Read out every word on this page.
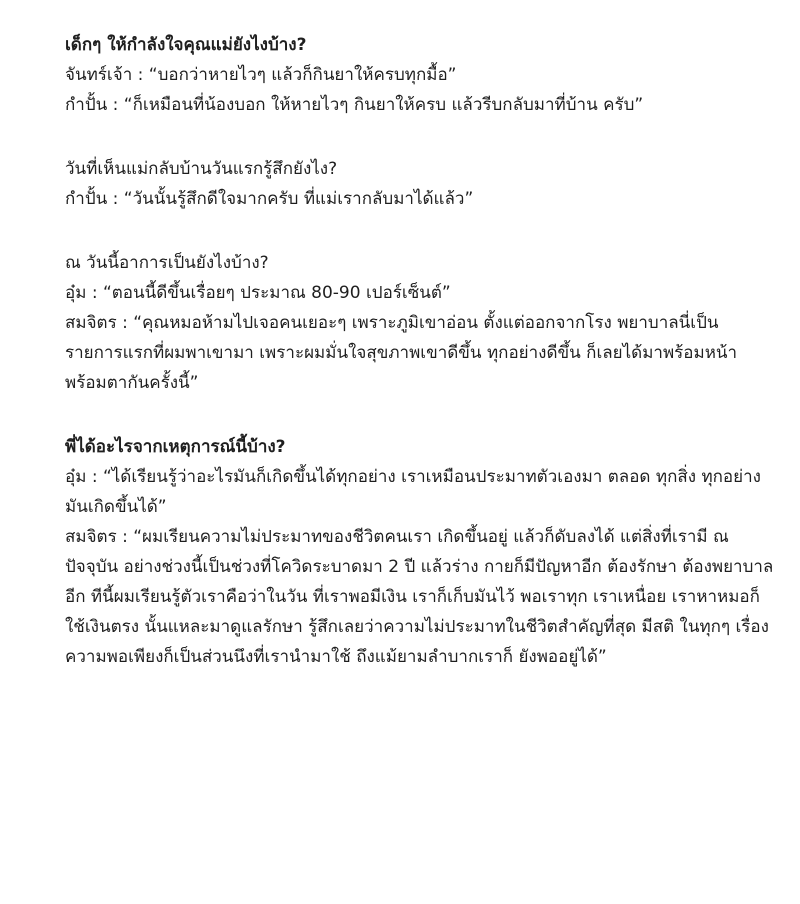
เด็กๆ ให้กำลังใจคุณแม่ยังไงบ้าง?

จันทร์เจ้า : “บอกว่าหายไวๆ แล้วก็กินยาให้ครบทุกมื้อ”

กำปั้น : “ก็เหมือนที่น้องบอก ให้หายไวๆ กินยาให้ครบ แล้วรีบกลับมาที่บ้าน ครับ”

วันที่เห็นแม่กลับบ้านวันแรกรู้สึกยังไง?

กำปั้น : “วันนั้นรู้สึกดีใจมากครับ ที่แม่เรากลับมาได้แล้ว”

ณ วันนี้อาการเป็นยังไงบ้าง?

อุ๋ม : “ตอนนี้ดีขึ้นเรื่อยๆ ประมาณ 80-90 เปอร์เซ็นต์”

สมจิตร : “คุณหมอห้ามไปเจอคนเยอะๆ เพราะภูมิเขาอ่อน ตั้งแต่ออกจากโรง พยาบาลนี่เป็นรายการแรกที่ผมพาเขามา เพราะผมมั่นใจสุขภาพเขาดีขึ้น ทุกอย่างดีขึ้น ก็เลยได้มาพร้อมหน้า พร้อมตากันครั้งนี้”

พี่ได้อะไรจากเหตุการณ์นี้บ้าง?

อุ๋ม : “ได้เรียนรู้ว่าอะไรมันก็เกิดขึ้นได้ทุกอย่าง เราเหมือนประมาทตัวเองมา ตลอด ทุกสิ่ง ทุกอย่างมันเกิดขึ้นได้”

สมจิตร : “ผมเรียนความไม่ประมาทของชีวิตคนเรา เกิดขึ้นอยู่ แล้วก็ดับลงได้ แต่สิ่งที่เรามี ณ ปัจจุบัน อย่างช่วงนี้เป็นช่วงที่โควิดระบาดมา 2 ปี แล้วร่าง กายก็มีปัญหาอีก ต้องรักษา ต้องพยาบาลอีก ทีนี้ผมเรียนรู้ตัวเราคือว่าในวัน ที่เราพอมีเงิน เราก็เก็บมันไว้ พอเราทุก เราเหนื่อย เราหาหมอก็ใช้เงินตรง นั้นแหละมาดูแลรักษา รู้สึกเลยว่าความไม่ประมาทในชีวิตสำคัญที่สุด มีสติ ในทุกๆ เรื่อง ความพอเพียงก็เป็นส่วนนึงที่เรานำมาใช้ ถึงแม้ยามลำบากเราก็ ยังพออยู่ได้”
